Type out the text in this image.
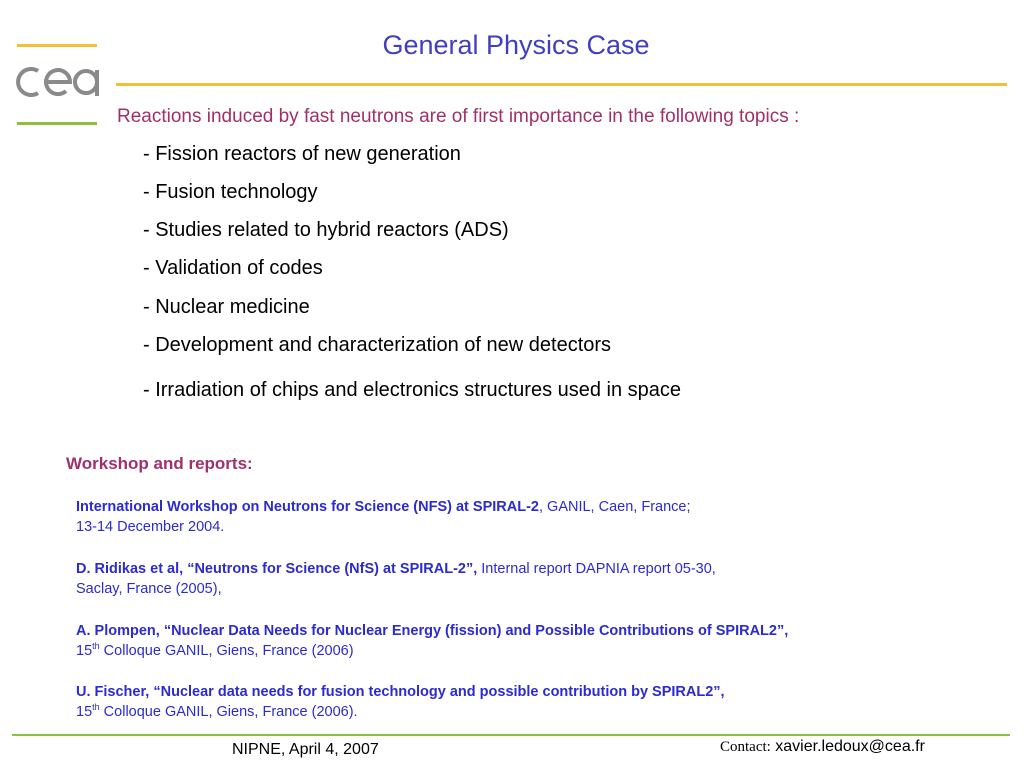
General Physics Case
Reactions induced by fast neutrons are of first importance in the following topics :
- Fission reactors of new generation
- Fusion technology
- Studies related to hybrid reactors (ADS)
- Validation of codes
- Nuclear medicine
- Development and characterization of new detectors
- Irradiation of chips and electronics structures used in space
Workshop and reports:
International Workshop on Neutrons for Science (NFS) at SPIRAL-2, GANIL, Caen, France;
13-14 December 2004.
D. Ridikas et al, “Neutrons for Science (NfS) at SPIRAL-2”, Internal report DAPNIA report 05-30,
Saclay, France (2005),
A. Plompen, “Nuclear Data Needs for Nuclear Energy (fission) and Possible Contributions of SPIRAL2”,
15th Colloque GANIL, Giens, France (2006)
U. Fischer, “Nuclear data needs for fusion technology and possible contribution by SPIRAL2”,
15th Colloque GANIL, Giens, France (2006).
NIPNE, April 4, 2007	Contact: xavier.ledoux@cea.fr
